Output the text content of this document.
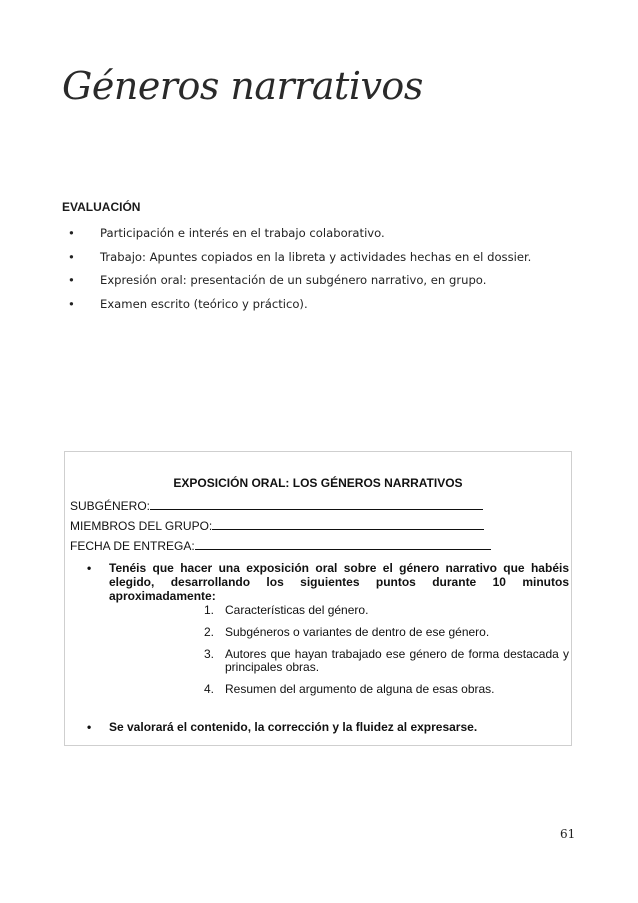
Géneros narrativos
EVALUACIÓN
• Participación e interés en el trabajo colaborativo.
• Trabajo: Apuntes copiados en la libreta y actividades hechas en el dossier.
• Expresión oral: presentación de un subgénero narrativo, en grupo.
• Examen escrito (teórico y práctico).
EXPOSICIÓN ORAL: LOS GÉNEROS NARRATIVOS
SUBGÉNERO:
MIEMBROS DEL GRUPO:
FECHA DE ENTREGA:
• Tenéis que hacer una exposición oral sobre el género narrativo que habéis elegido, desarrollando los siguientes puntos durante 10 minutos aproximadamente:
1. Características del género.
2. Subgéneros o variantes de dentro de ese género.
3. Autores que hayan trabajado ese género de forma destacada y principales obras.
4. Resumen del argumento de alguna de esas obras.
• Se valorará el contenido, la corrección y la fluidez al expresarse.
61
